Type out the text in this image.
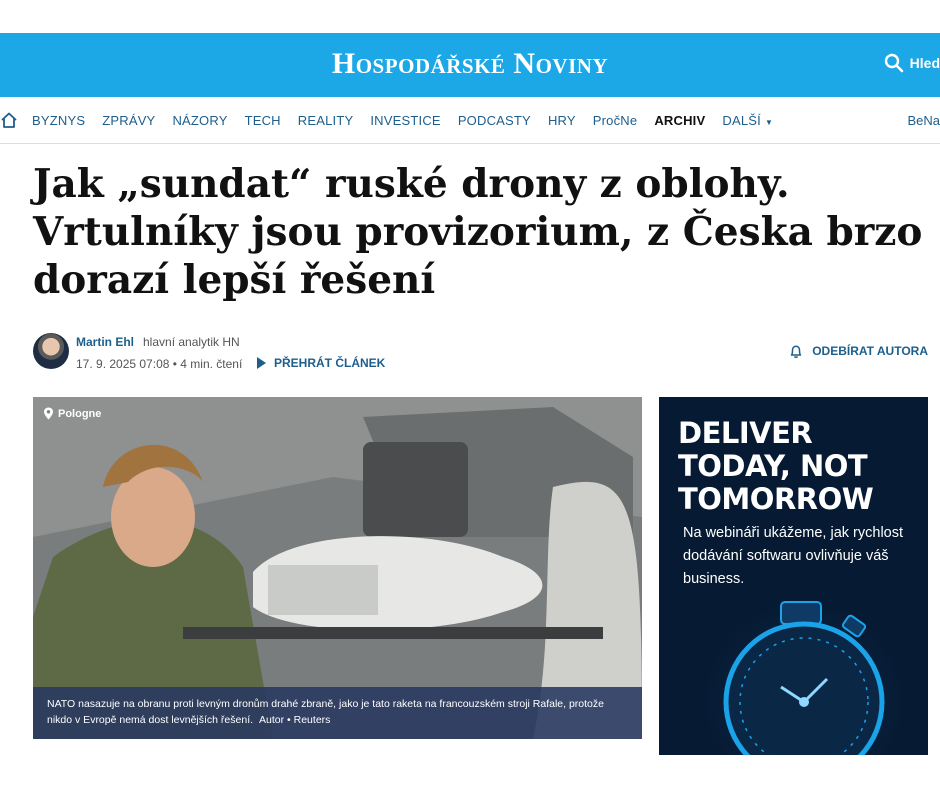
Hospodářské Noviny	Hled
BYZNYS ZPRÁVY NÁZORY TECH REALITY INVESTICE PODCASTY HRY PročNe ARCHIV DALŠÍ ▼	BeNa
Jak „sundat“ ruské drony z oblohy. Vrtulníky jsou provizorium, z Česka brzo dorazí lepší řešení
Martin Ehl hlavní analytik HN
17. 9. 2025 07:08 • 4 min. čtení	PŘEHRÁT ČLÁNEK
ODEBÍRAT AUTORA
Pologne
NATO nasazuje na obranu proti levným dronům drahé zbraně, jako je tato raketa na francouzském stroji Rafale, protože nikdo v Evropě nemá dost levnějších řešení. Autor • Reuters
DELIVER TODAY, NOT TOMORROW
Na webináři ukážeme, jak rychlost dodávání softwaru ovlivňuje váš business.
